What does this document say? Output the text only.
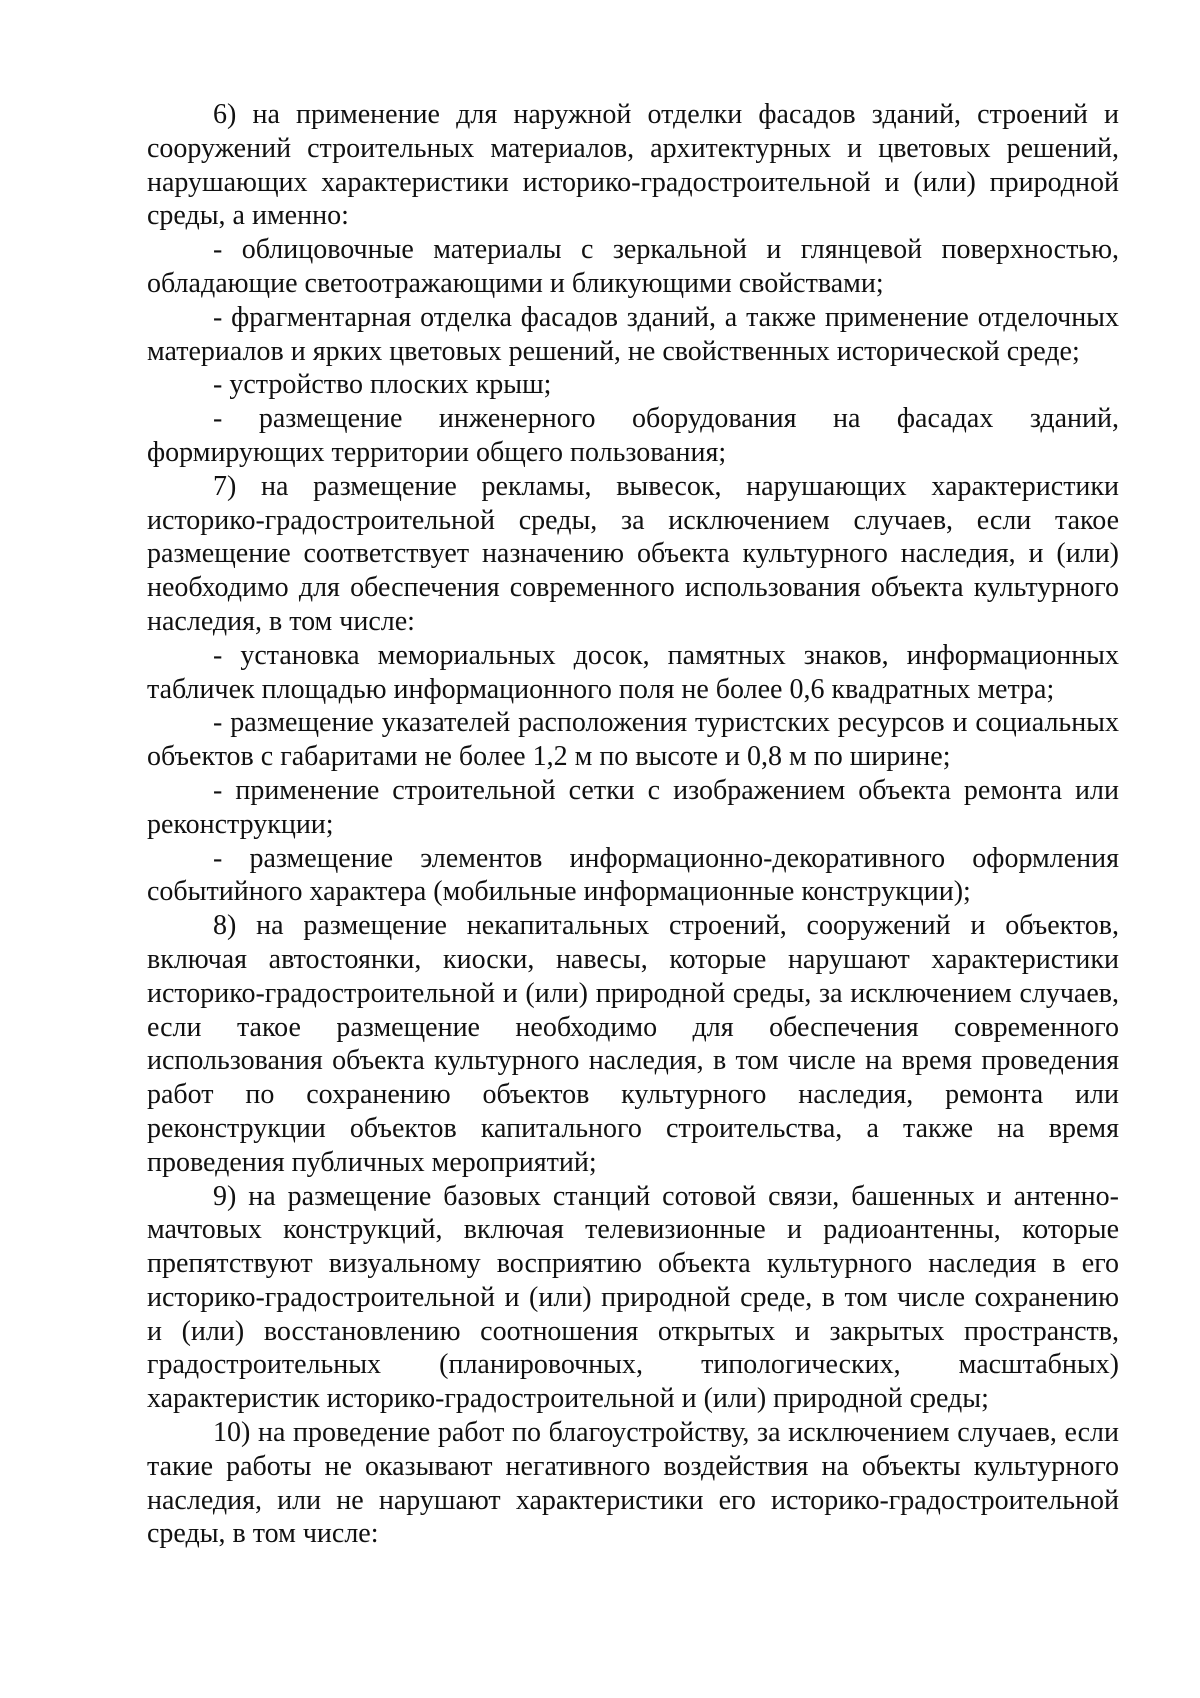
6) на применение для наружной отделки фасадов зданий, строений и сооружений строительных материалов, архитектурных и цветовых решений, нарушающих характеристики историко-градостроительной и (или) природной среды, а именно:

- облицовочные материалы с зеркальной и глянцевой поверхностью, обладающие светоотражающими и бликующими свойствами;

- фрагментарная отделка фасадов зданий, а также применение отделочных материалов и ярких цветовых решений, не свойственных исторической среде;

- устройство плоских крыш;

- размещение инженерного оборудования на фасадах зданий, формирующих территории общего пользования;

7) на размещение рекламы, вывесок, нарушающих характеристики историко-градостроительной среды, за исключением случаев, если такое размещение соответствует назначению объекта культурного наследия, и (или) необходимо для обеспечения современного использования объекта культурного наследия, в том числе:

- установка мемориальных досок, памятных знаков, информационных табличек площадью информационного поля не более 0,6 квадратных метра;

- размещение указателей расположения туристских ресурсов и социальных объектов с габаритами не более 1,2 м по высоте и 0,8 м по ширине;

- применение строительной сетки с изображением объекта ремонта или реконструкции;

- размещение элементов информационно-декоративного оформления событийного характера (мобильные информационные конструкции);

8) на размещение некапитальных строений, сооружений и объектов, включая автостоянки, киоски, навесы, которые нарушают характеристики историко-градостроительной и (или) природной среды, за исключением случаев, если такое размещение необходимо для обеспечения современного использования объекта культурного наследия, в том числе на время проведения работ по сохранению объектов культурного наследия, ремонта или реконструкции объектов капитального строительства, а также на время проведения публичных мероприятий;

9) на размещение базовых станций сотовой связи, башенных и антенно-мачтовых конструкций, включая телевизионные и радиоантенны, которые препятствуют визуальному восприятию объекта культурного наследия в его историко-градостроительной и (или) природной среде, в том числе сохранению и (или) восстановлению соотношения открытых и закрытых пространств, градостроительных (планировочных, типологических, масштабных) характеристик историко-градостроительной и (или) природной среды;

10) на проведение работ по благоустройству, за исключением случаев, если такие работы не оказывают негативного воздействия на объекты культурного наследия, или не нарушают характеристики его историко-градостроительной среды, в том числе:
